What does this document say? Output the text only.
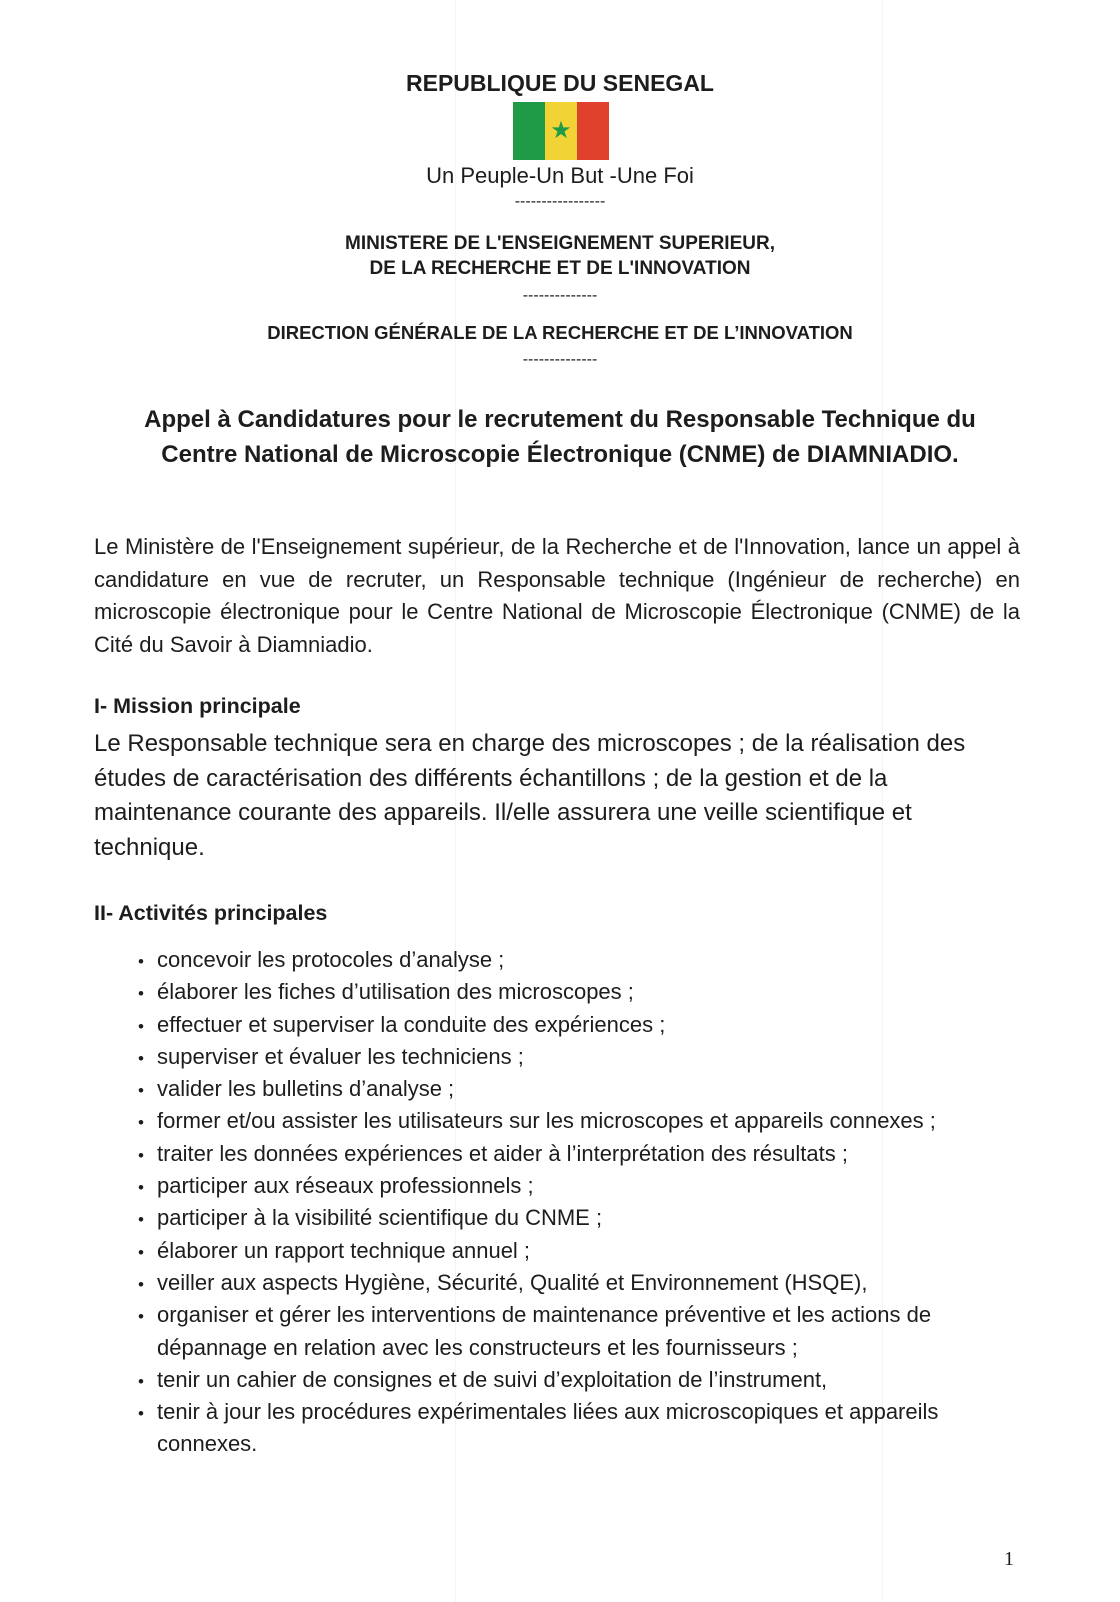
REPUBLIQUE DU SENEGAL
★
Un Peuple-Un But -Une Foi
-----------------
MINISTERE DE L'ENSEIGNEMENT SUPERIEUR,
DE LA RECHERCHE ET DE L'INNOVATION
--------------
DIRECTION GÉNÉRALE DE LA RECHERCHE ET DE L’INNOVATION
--------------
Appel à Candidatures pour le recrutement du Responsable Technique du
Centre National de Microscopie Électronique (CNME) de DIAMNIADIO.

Le Ministère de l'Enseignement supérieur, de la Recherche et de l'Innovation, lance un appel à candidature en vue de recruter, un Responsable technique (Ingénieur de recherche) en microscopie électronique pour le Centre National de Microscopie Électronique (CNME) de la Cité du Savoir à Diamniadio.

I- Mission principale

Le Responsable technique sera en charge des microscopes ; de la réalisation des études de caractérisation des différents échantillons ; de la gestion et de la maintenance courante des appareils. Il/elle assurera une veille scientifique et technique.

II- Activités principales
• concevoir les protocoles d’analyse ;
• élaborer les fiches d’utilisation des microscopes ;
• effectuer et superviser la conduite des expériences ;
• superviser et évaluer les techniciens ;
• valider les bulletins d’analyse ;
• former et/ou assister les utilisateurs sur les microscopes et appareils connexes ;
• traiter les données expériences et aider à l’interprétation des résultats ;
• participer aux réseaux professionnels ;
• participer à la visibilité scientifique du CNME ;
• élaborer un rapport technique annuel ;
• veiller aux aspects Hygiène, Sécurité, Qualité et Environnement (HSQE),
• organiser et gérer les interventions de maintenance préventive et les actions de dépannage en relation avec les constructeurs et les fournisseurs ;
• tenir un cahier de consignes et de suivi d’exploitation de l’instrument,
• tenir à jour les procédures expérimentales liées aux microscopiques et appareils connexes.
1
